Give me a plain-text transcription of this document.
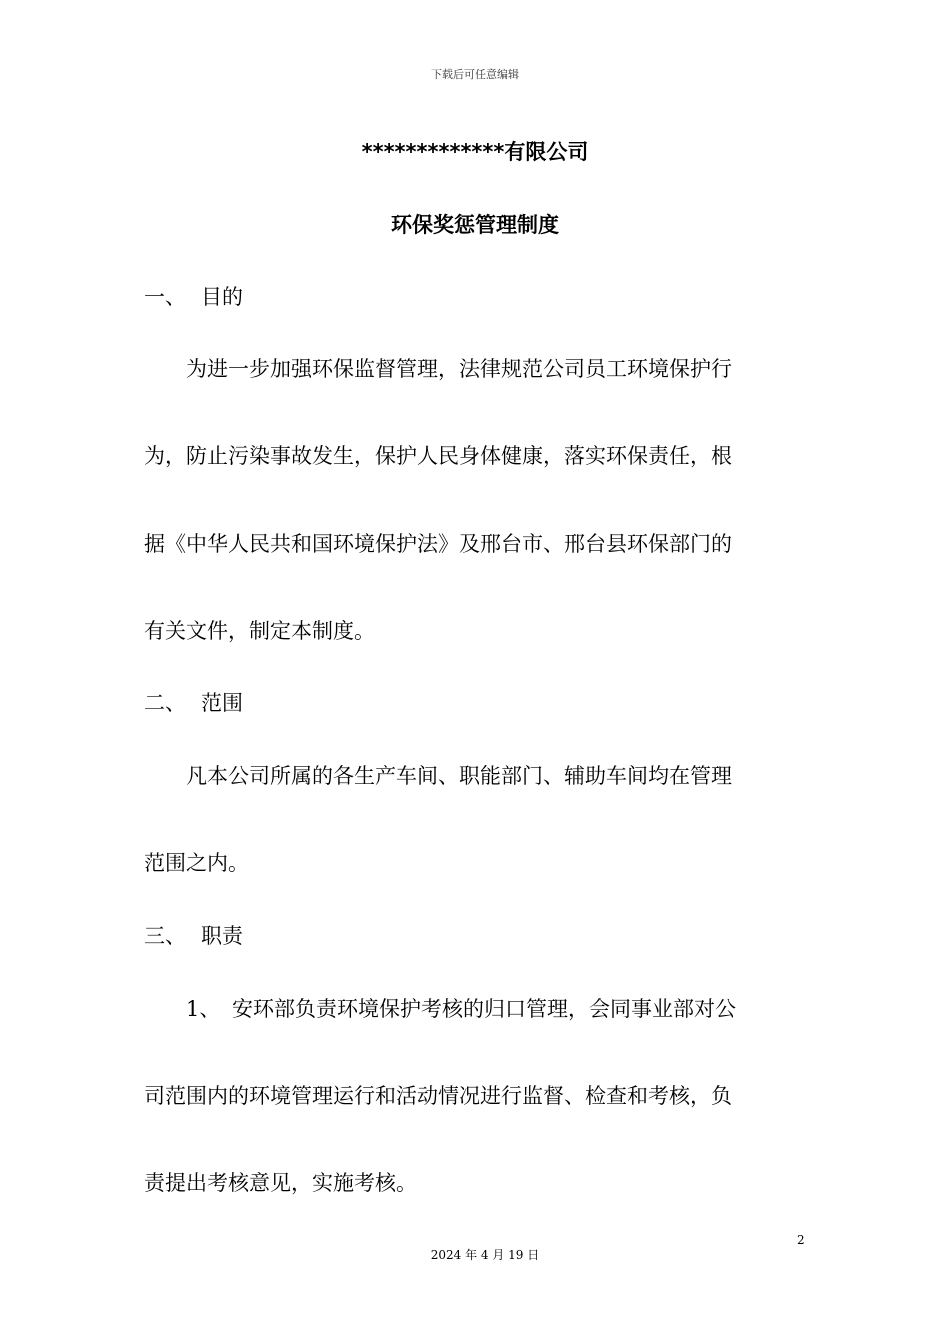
下载后可任意编辑
*************有限公司
环保奖惩管理制度
一、 目的
为进一步加强环保监督管理，法律规范公司员工环境保护行
为，防止污染事故发生，保护人民身体健康，落实环保责任，根
据《中华人民共和国环境保护法》及邢台市、邢台县环保部门的
有关文件，制定本制度。
二、 范围
凡本公司所属的各生产车间、职能部门、辅助车间均在管理
范围之内。
三、 职责
1、 安环部负责环境保护考核的归口管理，会同事业部对公
司范围内的环境管理运行和活动情况进行监督、检查和考核，负
责提出考核意见，实施考核。
2
2024 年 4 月 19 日
